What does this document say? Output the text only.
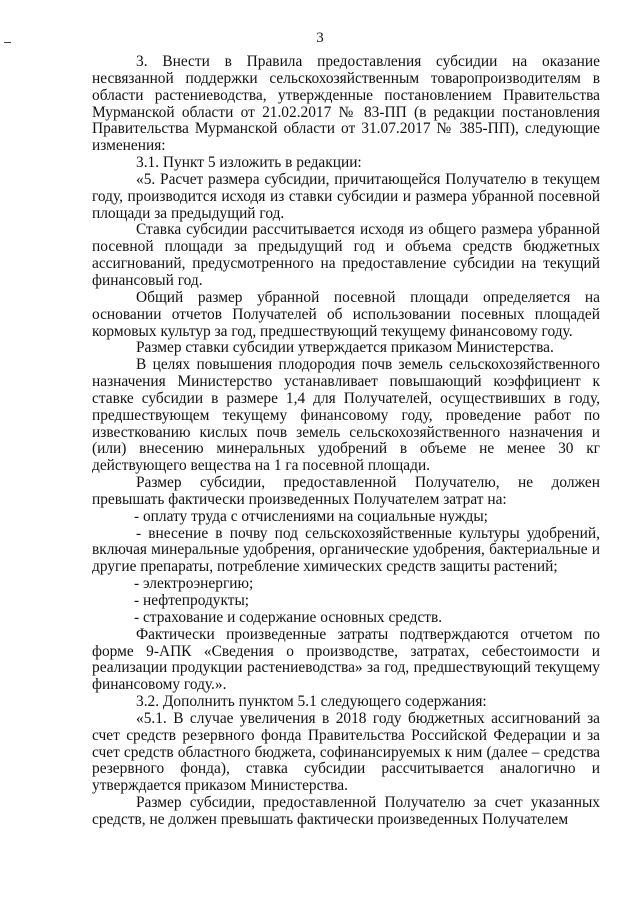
3

3. Внести в Правила предоставления субсидии на оказание несвязанной поддержки сельскохозяйственным товаропроизводителям в области растениеводства, утвержденные постановлением Правительства Мурманской области от 21.02.2017 № 83-ПП (в редакции постановления Правительства Мурманской области от 31.07.2017 № 385-ПП), следующие изменения:

3.1. Пункт 5 изложить в редакции:

«5. Расчет размера субсидии, причитающейся Получателю в текущем году, производится исходя из ставки субсидии и размера убранной посевной площади за предыдущий год.

Ставка субсидии рассчитывается исходя из общего размера убранной посевной площади за предыдущий год и объема средств бюджетных ассигнований, предусмотренного на предоставление субсидии на текущий финансовый год.

Общий размер убранной посевной площади определяется на основании отчетов Получателей об использовании посевных площадей кормовых культур за год, предшествующий текущему финансовому году.

Размер ставки субсидии утверждается приказом Министерства.

В целях повышения плодородия почв земель сельскохозяйственного назначения Министерство устанавливает повышающий коэффициент к ставке субсидии в размере 1,4 для Получателей, осуществивших в году, предшествующем текущему финансовому году, проведение работ по известкованию кислых почв земель сельскохозяйственного назначения и (или) внесению минеральных удобрений в объеме не менее 30 кг действующего вещества на 1 га посевной площади.

Размер субсидии, предоставленной Получателю, не должен превышать фактически произведенных Получателем затрат на:

- оплату труда с отчислениями на социальные нужды;

- внесение в почву под сельскохозяйственные культуры удобрений, включая минеральные удобрения, органические удобрения, бактериальные и другие препараты, потребление химических средств защиты растений;

- электроэнергию;

- нефтепродукты;

- страхование и содержание основных средств.

Фактически произведенные затраты подтверждаются отчетом по форме 9-АПК «Сведения о производстве, затратах, себестоимости и реализации продукции растениеводства» за год, предшествующий текущему финансовому году.».

3.2. Дополнить пунктом 5.1 следующего содержания:

«5.1. В случае увеличения в 2018 году бюджетных ассигнований за счет средств резервного фонда Правительства Российской Федерации и за счет средств областного бюджета, софинансируемых к ним (далее – средства резервного фонда), ставка субсидии рассчитывается аналогично и утверждается приказом Министерства.

Размер субсидии, предоставленной Получателю за счет указанных средств, не должен превышать фактически произведенных Получателем
